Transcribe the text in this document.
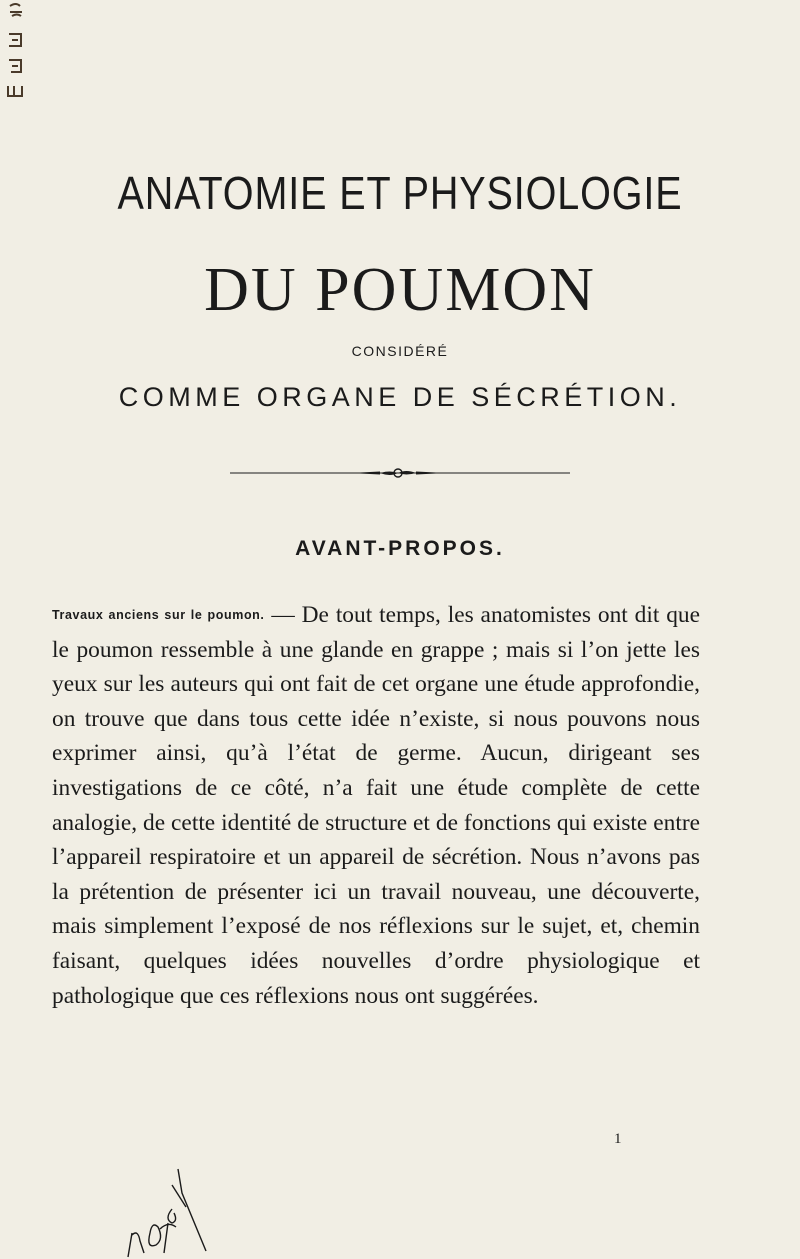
ANATOMIE ET PHYSIOLOGIE
DU POUMON
CONSIDÉRÉ
COMME ORGANE DE SÉCRÉTION.
AVANT-PROPOS.

Travaux anciens sur le poumon. — De tout temps, les anatomistes ont dit que le poumon ressemble à une glande en grappe ; mais si l’on jette les yeux sur les auteurs qui ont fait de cet organe une étude approfondie, on trouve que dans tous cette idée n’existe, si nous pouvons nous exprimer ainsi, qu’à l’état de germe. Aucun, dirigeant ses investigations de ce côté, n’a fait une étude complète de cette analogie, de cette identité de structure et de fonctions qui existe entre l’appareil respiratoire et un appareil de sécrétion. Nous n’avons pas la prétention de présenter ici un travail nouveau, une découverte, mais simplement l’exposé de nos réflexions sur le sujet, et, chemin faisant, quelques idées nouvelles d’ordre physiologique et pathologique que ces réflexions nous ont suggérées.

1
